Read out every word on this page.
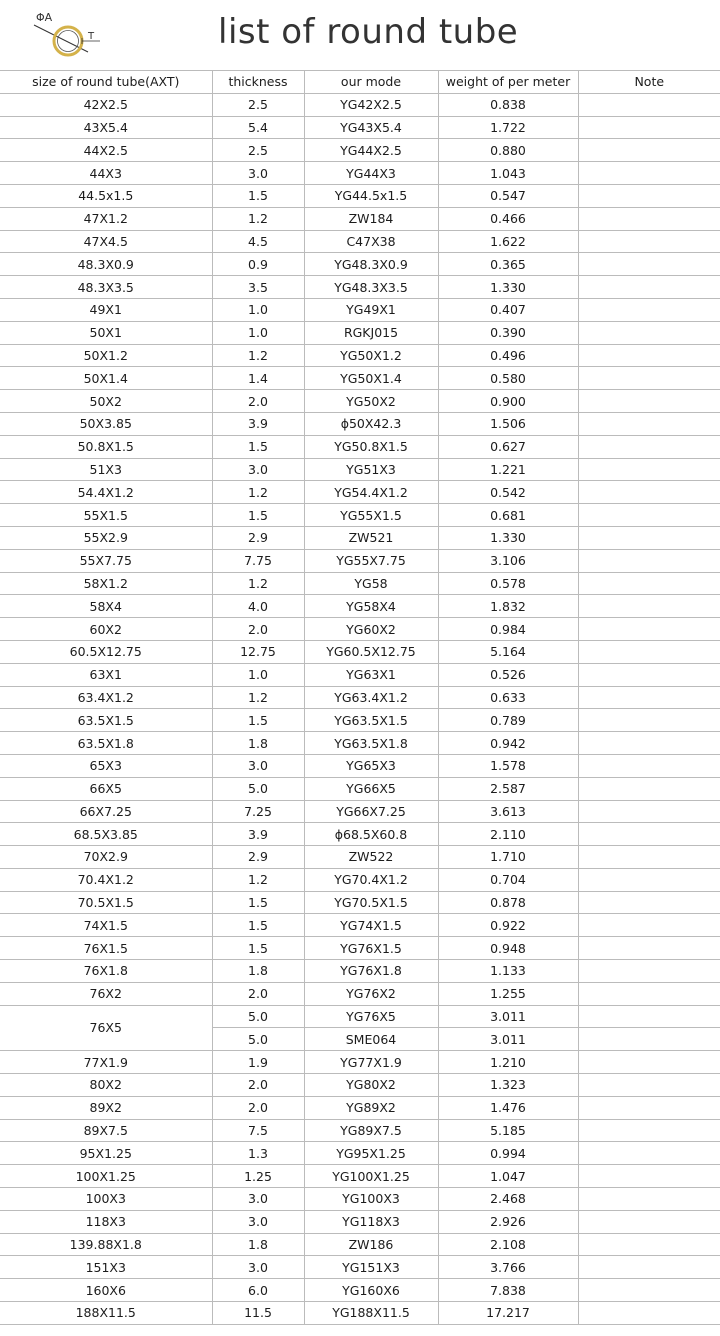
ΦA
T	list of round tube
size of round tube(AXT)	thickness	our mode	weight of per meter	Note
42X2.5	2.5	YG42X2.5	0.838	
43X5.4	5.4	YG43X5.4	1.722	
44X2.5	2.5	YG44X2.5	0.880	
44X3	3.0	YG44X3	1.043	
44.5x1.5	1.5	YG44.5x1.5	0.547	
47X1.2	1.2	ZW184	0.466	
47X4.5	4.5	C47X38	1.622	
48.3X0.9	0.9	YG48.3X0.9	0.365	
48.3X3.5	3.5	YG48.3X3.5	1.330	
49X1	1.0	YG49X1	0.407	
50X1	1.0	RGKJ015	0.390	
50X1.2	1.2	YG50X1.2	0.496	
50X1.4	1.4	YG50X1.4	0.580	
50X2	2.0	YG50X2	0.900	
50X3.85	3.9	ɸ50X42.3	1.506	
50.8X1.5	1.5	YG50.8X1.5	0.627	
51X3	3.0	YG51X3	1.221	
54.4X1.2	1.2	YG54.4X1.2	0.542	
55X1.5	1.5	YG55X1.5	0.681	
55X2.9	2.9	ZW521	1.330	
55X7.75	7.75	YG55X7.75	3.106	
58X1.2	1.2	YG58	0.578	
58X4	4.0	YG58X4	1.832	
60X2	2.0	YG60X2	0.984	
60.5X12.75	12.75	YG60.5X12.75	5.164	
63X1	1.0	YG63X1	0.526	
63.4X1.2	1.2	YG63.4X1.2	0.633	
63.5X1.5	1.5	YG63.5X1.5	0.789	
63.5X1.8	1.8	YG63.5X1.8	0.942	
65X3	3.0	YG65X3	1.578	
66X5	5.0	YG66X5	2.587	
66X7.25	7.25	YG66X7.25	3.613	
68.5X3.85	3.9	ɸ68.5X60.8	2.110	
70X2.9	2.9	ZW522	1.710	
70.4X1.2	1.2	YG70.4X1.2	0.704	
70.5X1.5	1.5	YG70.5X1.5	0.878	
74X1.5	1.5	YG74X1.5	0.922	
76X1.5	1.5	YG76X1.5	0.948	
76X1.8	1.8	YG76X1.8	1.133	
76X2	2.0	YG76X2	1.255	
76X5	5.0	YG76X5	3.011	
	5.0	SME064	3.011	
77X1.9	1.9	YG77X1.9	1.210	
80X2	2.0	YG80X2	1.323	
89X2	2.0	YG89X2	1.476	
89X7.5	7.5	YG89X7.5	5.185	
95X1.25	1.3	YG95X1.25	0.994	
100X1.25	1.25	YG100X1.25	1.047	
100X3	3.0	YG100X3	2.468	
118X3	3.0	YG118X3	2.926	
139.88X1.8	1.8	ZW186	2.108	
151X3	3.0	YG151X3	3.766	
160X6	6.0	YG160X6	7.838	
188X11.5	11.5	YG188X11.5	17.217	
